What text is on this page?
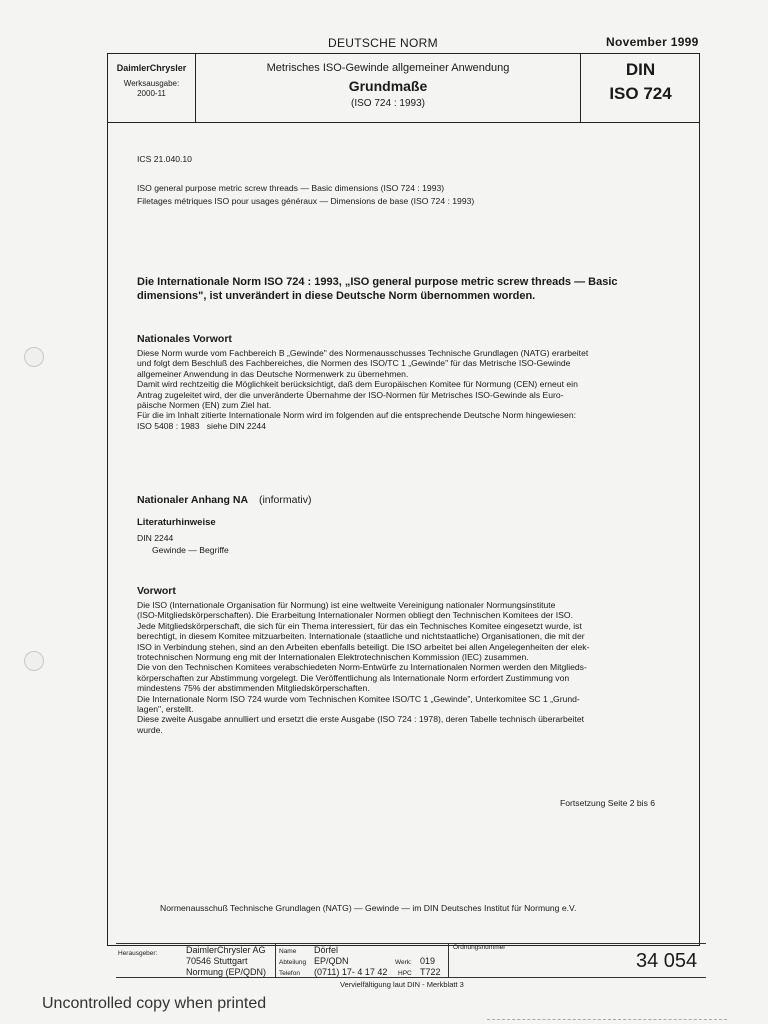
DEUTSCHE NORM	November 1999
DaimlerChrysler
Werksausgabe:
2000-11
Metrisches ISO-Gewinde allgemeiner Anwendung
Grundmaße
(ISO 724 : 1993)
DIN
ISO 724
ICS 21.040.10
ISO general purpose metric screw threads — Basic dimensions (ISO 724 : 1993)
Filetages métriques ISO pour usages généraux — Dimensions de base (ISO 724 : 1993)
Die Internationale Norm ISO 724 : 1993, „ISO general purpose metric screw threads — Basic
dimensions", ist unverändert in diese Deutsche Norm übernommen worden.
Nationales Vorwort
Diese Norm wurde vom Fachbereich B „Gewinde" des Normenausschusses Technische Grundlagen (NATG) erarbeitet
und folgt dem Beschluß des Fachbereiches, die Normen des ISO/TC 1 „Gewinde" für das Metrische ISO-Gewinde
allgemeiner Anwendung in das Deutsche Normenwerk zu übernehmen.
Damit wird rechtzeitig die Möglichkeit berücksichtigt, daß dem Europäischen Komitee für Normung (CEN) erneut ein
Antrag zugeleitet wird, der die unveränderte Übernahme der ISO-Normen für Metrisches ISO-Gewinde als Euro-
päische Normen (EN) zum Ziel hat.
Für die im Inhalt zitierte Internationale Norm wird im folgenden auf die entsprechende Deutsche Norm hingewiesen:
ISO 5408 : 1983   siehe DIN 2244
Nationaler Anhang NA (informativ)
Literaturhinweise
DIN 2244
Gewinde — Begriffe
Vorwort
Die ISO (Internationale Organisation für Normung) ist eine weltweite Vereinigung nationaler Normungsinstitute
(ISO-Mitgliedskörperschaften). Die Erarbeitung Internationaler Normen obliegt den Technischen Komitees der ISO.
Jede Mitgliedskörperschaft, die sich für ein Thema interessiert, für das ein Technisches Komitee eingesetzt wurde, ist
berechtigt, in diesem Komitee mitzuarbeiten. Internationale (staatliche und nichtstaatliche) Organisationen, die mit der
ISO in Verbindung stehen, sind an den Arbeiten ebenfalls beteiligt. Die ISO arbeitet bei allen Angelegenheiten der elek-
trotechnischen Normung eng mit der Internationalen Elektrotechnischen Kommission (IEC) zusammen.
Die von den Technischen Komitees verabschiedeten Norm-Entwürfe zu Internationalen Normen werden den Mitglieds-
körperschaften zur Abstimmung vorgelegt. Die Veröffentlichung als Internationale Norm erfordert Zustimmung von
mindestens 75% der abstimmenden Mitgliedskörperschaften.
Die Internationale Norm ISO 724 wurde vom Technischen Komitee ISO/TC 1 „Gewinde", Unterkomitee SC 1 „Grund-
lagen", erstellt.
Diese zweite Ausgabe annulliert und ersetzt die erste Ausgabe (ISO 724 : 1978), deren Tabelle technisch überarbeitet
wurde.
Fortsetzung Seite 2 bis 6
Normenausschuß Technische Grundlagen (NATG) — Gewinde — im DIN Deutsches Institut für Normung e.V.
Herausgeber:	DaimlerChrysler AG
70546 Stuttgart
Normung (EP/QDN)
Name Dörfel
Abteilung EP/QDN
Telefon (0711) 17- 4 17 42
Werk: 019
HPC T722
Ordnungsnummer
34 054
Vervielfältigung laut DIN - Merkblatt 3
Uncontrolled copy when printed
